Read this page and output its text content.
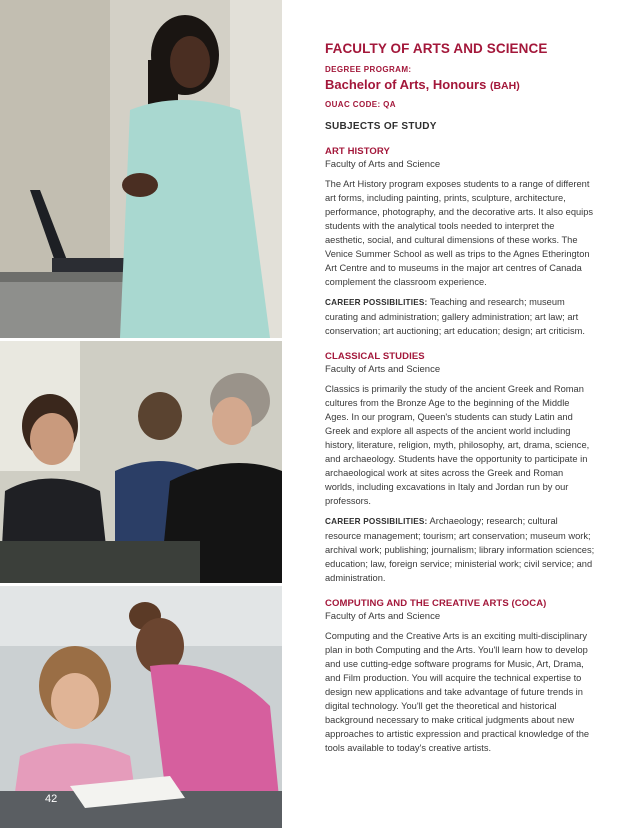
42
FACULTY OF ARTS AND SCIENCE
DEGREE PROGRAM:
Bachelor of Arts, Honours (BAH)
OUAC CODE: QA
SUBJECTS OF STUDY
ART HISTORY
Faculty of Arts and Science
The Art History program exposes students to a range of different art forms, including painting, prints, sculpture, architecture, performance, photography, and the decorative arts. It also equips students with the analytical tools needed to interpret the aesthetic, social, and cultural dimensions of these works. The Venice Summer School as well as trips to the Agnes Etherington Art Centre and to museums in the major art centres of Canada complement the classroom experience.
CAREER POSSIBILITIES: Teaching and research; museum curating and administration; gallery administration; art law; art conservation; art auctioning; art education; design; art criticism.
CLASSICAL STUDIES
Faculty of Arts and Science
Classics is primarily the study of the ancient Greek and Roman cultures from the Bronze Age to the beginning of the Middle Ages. In our program, Queen's students can study Latin and Greek and explore all aspects of the ancient world including history, literature, religion, myth, philosophy, art, drama, science, and archaeology. Students have the opportunity to participate in archaeological work at sites across the Greek and Roman worlds, including excavations in Italy and Jordan run by our professors.
CAREER POSSIBILITIES: Archaeology; research; cultural resource management; tourism; art conservation; museum work; archival work; publishing; journalism; library information sciences; education; law, foreign service; ministerial work; civil service; and administration.
COMPUTING AND THE CREATIVE ARTS (COCA)
Faculty of Arts and Science
Computing and the Creative Arts is an exciting multi-disciplinary plan in both Computing and the Arts. You'll learn how to develop and use cutting-edge software programs for Music, Art, Drama, and Film production. You will acquire the technical expertise to design new applications and take advantage of future trends in digital technology. You'll get the theoretical and historical background necessary to make critical judgments about new approaches to artistic expression and practical knowledge of the tools available to today's creative artists.
